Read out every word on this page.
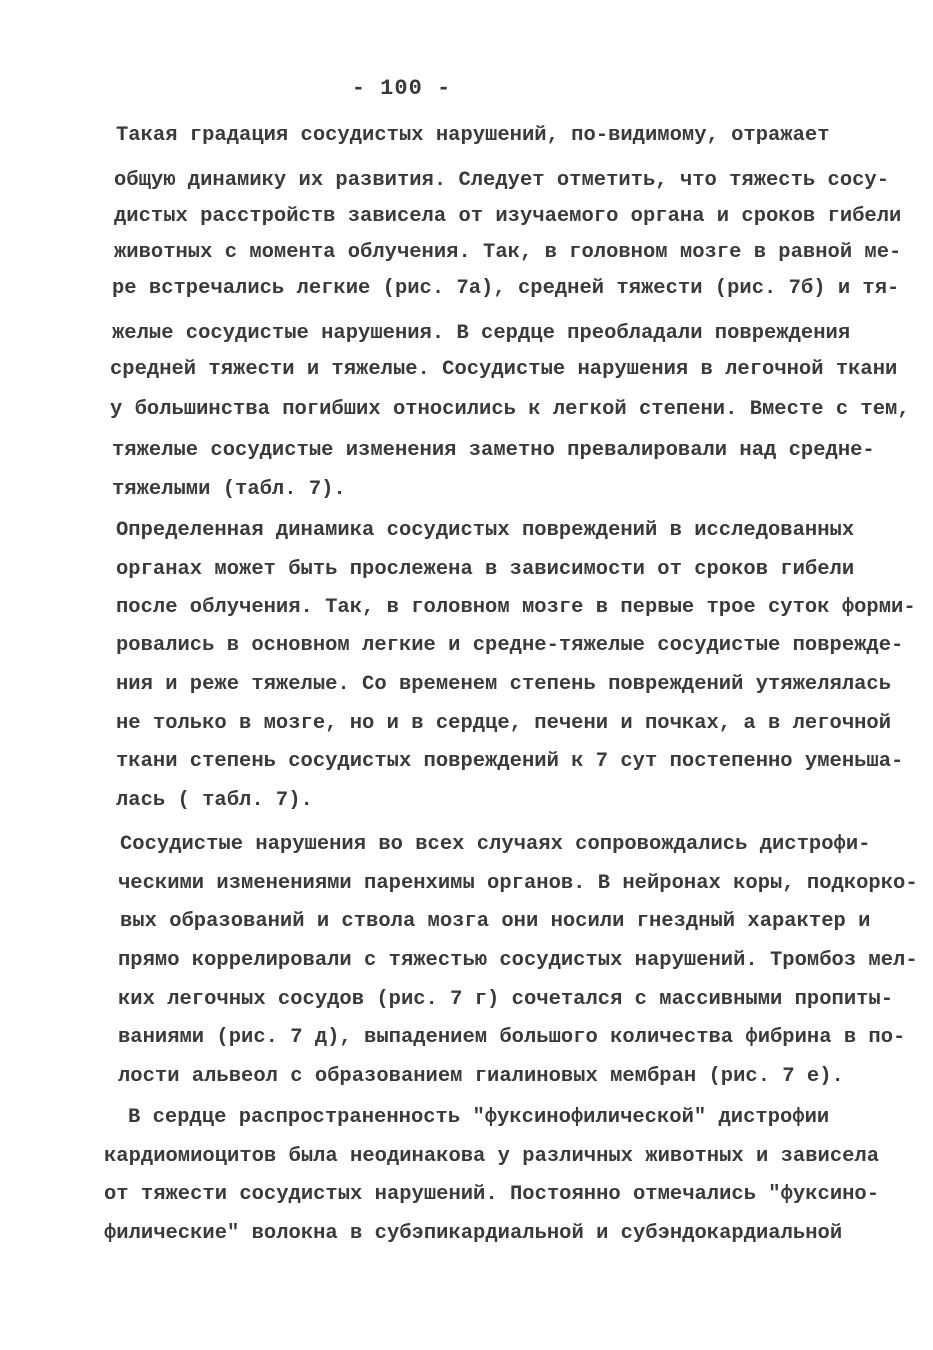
- 100 -
Такая градация сосудистых нарушений, по-видимому, отражает
общую динамику их развития. Следует отметить, что тяжесть сосу-
дистых расстройств зависела от изучаемого органа и сроков гибели
животных с момента облучения. Так, в головном мозге в равной ме-
ре встречались легкие (рис. 7а), средней тяжести (рис. 7б) и тя-
желые сосудистые нарушения. В сердце преобладали повреждения
средней тяжести и тяжелые. Сосудистые нарушения в легочной ткани
у большинства погибших относились к легкой степени. Вместе с тем,
тяжелые сосудистые изменения заметно превалировали над средне-
тяжелыми (табл. 7).
Определенная динамика сосудистых повреждений в исследованных
органах может быть прослежена в зависимости от сроков гибели
после облучения. Так, в головном мозге в первые трое суток форми-
ровались в основном легкие и средне-тяжелые сосудистые поврежде-
ния и реже тяжелые. Со временем степень повреждений утяжелялась
не только в мозге, но и в сердце, печени и почках, а в легочной
ткани степень сосудистых повреждений к 7 сут постепенно уменьша-
лась ( табл. 7).
Сосудистые нарушения во всех случаях сопровождались дистрофи-
ческими изменениями паренхимы органов. В нейронах коры, подкорко-
вых образований и ствола мозга они носили гнездный характер и
прямо коррелировали с тяжестью сосудистых нарушений. Тромбоз мел-
ких легочных сосудов (рис. 7 г) сочетался с массивными пропиты-
ваниями (рис. 7 д), выпадением большого количества фибрина в по-
лости альвеол с образованием гиалиновых мембран (рис. 7 е).
В сердце распространенность "фуксинофилической" дистрофии
кардиомиоцитов была неодинакова у различных животных и зависела
от тяжести сосудистых нарушений. Постоянно отмечались "фуксино-
филические" волокна в субэпикардиальной и субэндокардиальной
